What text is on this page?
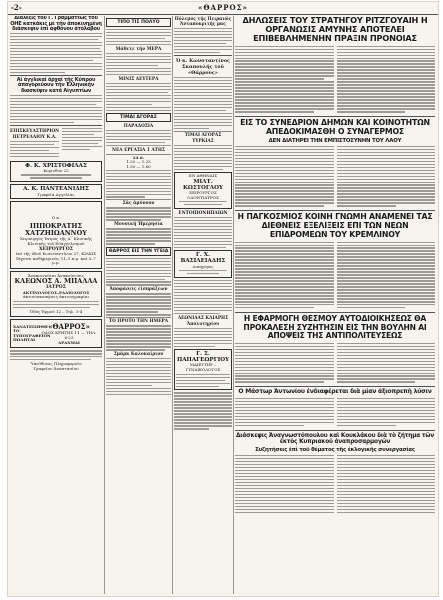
-2-	«ΘΑΡΡΟΣ»
Διάλεξις τοῦ Γ. Γραμματέως τοῦ ΟΗΕ κατκάκις μέ τήν ἀποκινημένη διάσκεψιν ἐπί ἀφθόνου ἀτόλαβου
Αἱ ἀγγλικαί ἀρχαί τῆς Κύπρου ἀπαγορεύουν τήν Ἑλληνικήν διασκέψιν κατά Αἰγυπτίων
ΕΠΙΣΚΕΥΑΣΤΗΡΙΟΝ
ΠΕΤΡΕΛΑΙΟΥ Κ.Α.
Φ. Κ. ΧΡΙΣΤΟΦΙΛΑΣ
Κορινθου 22
Α. Κ. ΠΑΝΤΕΑΝΙΔΗΣ
Γραφεῖα Αγγελίας
Ο κ.
ΙΠΠΟΚΡΑΤΗΣ ΧΑΤΖΗΙΩΑΝΝΟΥ
Χειρουργός Ἰατρός τῆς Α΄ Κλινικῆς
Κλινικῆς τοῦ Εὐαγγελισμοῦ
ΧΕΙΡΟΥΡΓΟΣ
ἐπί τῆς ὁδοῦ Κωνσταντίνου 27, ΚΙΛΚΙΣ
δέχεται καθημερινῶς 11–1 π.μ. καί 5–7 μ.μ.
Ἀνακοινοῦται Ἀνακοίνωσις
ΚΛΕΩΝΟΣ Α. ΜΠΑΛΛΑ
ΙΑΤΡΟΣ
ΑΚΤΙΝΟΛΟΓΟΣ–ΡΑΔΙΟΛΟΓΟΣ
ἀκτινοσκοπήσεις ἀκτινογραφίαι
Ὁδός Ἑρμοῦ 12 – Τηλ. 3-4
ΧΑΝΑΤΕΙΣΗΘΗ ΤΟ ΤΥΠΟΓΡΑΦΕΙΟΝ ΠΩΛΗΤΑΙ
«ΘΑΡΡΟΣ»
ΟΔΟΣ ΚΡΗΤΗΣ 11 — ΤΗΛ. 6-23
ΔΡΑΧΜΑΙ
Ὑπεύθυνος Πληροφοριῶν
Γραφεῖον Ἀναστασίου
ΤΙΠΟ ΤΙΣ ΠΟΛΥΟ
Μάθετε τήν ΜΕΡΑ
ΜΙΝΙΣ ΔΕΥΤΕΡΑ
ΤΙΜΑΙ ΑΓΟΡΑΣ
ΠΑΡΑΔΟΣΙΑ
ΝΕΑ ΕΡΓΑΣΙΑ 1 ΑΤΗΣ
24 ἁ.
1.20 — 1.25
1.50 — 1.60
Σᾶς ἀμύνουν
Μουσική Ἡμερησία
ΘΑΡΡΟΣ ΕΙΣ ΤΗΝ ΥΓΕΙΑ
Ἀποφάσεις εἰσπράξεων
ΤΟ ΠΡΟΤΟ ΤΗΝ ΗΜΕΡΑ
Σμάρκ Καλοκαίριον
Πόλεμος τῆς Πειραιῶς Ἀνταποκριτής μας
Ὁ κ. Κωνσταντίνος Σκαπουλής τοῦ «Θάρρους»
ΤΙΜΑΙ ΑΓΟΡΑΣ
ΤΥΡΚΙΑΣ
ΕΝ ΑΘΗΝΑΙΣ
ΜΙΛΤ. ΚΩΣΤΟΓΛΟΥ
ΧΕΙΡΟΥΡΓΟΣ ΟΔΟΝΤΙΑΤΡΟΣ
ΕΝΤΟΠΙΟΝΗΠΑΙΩΝ
Γ. Χ. ΒΑΣΙΛΕΙΑΔΗΣ
Δικηγόρος
ΛΕΩΝΙΔΑΣ ΚΛΙΑΡΗΣ
Ἀπολυτηρίου
Γ. Σ. ΠΑΠΑΓΕΩΡΓΙΟΥ
ΜΑΙΕΥΤΗΡ – ΓΥΝΑΙΚΟΛΟΓΟΣ
ΔΗΛΩΣΕΙΣ ΤΟΥ ΣΤΡΑΤΗΓΟΥ ΡΙΤΖΓΟΥΑΙΗ Η ΟΡΓΑΝΩΣΙΣ ΑΜΥΝΗΣ ΑΠΟΤΕΛΕΙ ΕΠΙΒΕΒΛΗΜΕΝΗΝ ΠΡΑΞΙΝ ΠΡΟΝΟΙΑΣ
ΕΙΣ ΤΟ ΣΥΝΕΔΡΙΟΝ ΔΗΜΩΝ ΚΑΙ ΚΟΙΝΟΤΗΤΩΝ ΑΠΕΔΟΚΙΜΑΣΘΗ Ο ΣΥΝΑΓΕΡΜΟΣ
ΔΕΝ ΔΙΑΤΗΡΕΙ ΤΗΝ ΕΜΠΙΣΤΟΣΥΝΗΝ ΤΟΥ ΛΑΟΥ
Η ΠΑΓΚΟΣΜΙΟΣ ΚΟΙΝΗ ΓΝΩΜΗ ΑΝΑΜΕΝΕΙ ΤΑΣ ΔΙΕΘΝΕΙΣ ΕΞΕΛΙΞΕΙΣ ΕΠΙ ΤΩΝ ΝΕΩΝ ΕΠΙΔΡΟΜΕΩΝ ΤΟΥ ΚΡΕΜΛΙΝΟΥ
Η ΕΦΑΡΜΟΓΗ ΘΕΣΜΟΥ ΑΥΤΟΔΙΟΙΚΗΣΕΩΣ ΘΑ ΠΡΟΚΑΛΕΣΗ ΣΥΖΗΤΗΣΙΝ ΕΙΣ ΤΗΝ ΒΟΥΛΗΝ ΑΙ ΑΠΟΨΕΙΣ ΤΗΣ ΑΝΤΙΠΟΛΙΤΕΥΣΕΩΣ
Ο Μάστωρ Ἀντωνίου ἐνδιαφέρεται διὰ μίαν ἀξιοπρεπὴ λύσιν
Διάσκεψις Ἀναγνωστόπουλου καὶ Κουκλάκου διὰ τὸ ζήτημα τῶν ἐκτὸς Κυπριακοῦ ἀναπροσαρμογῶν
Συζητήσεις ἐπὶ τοῦ θέματος τῆς ἐκλογικῆς συνεργασίας
